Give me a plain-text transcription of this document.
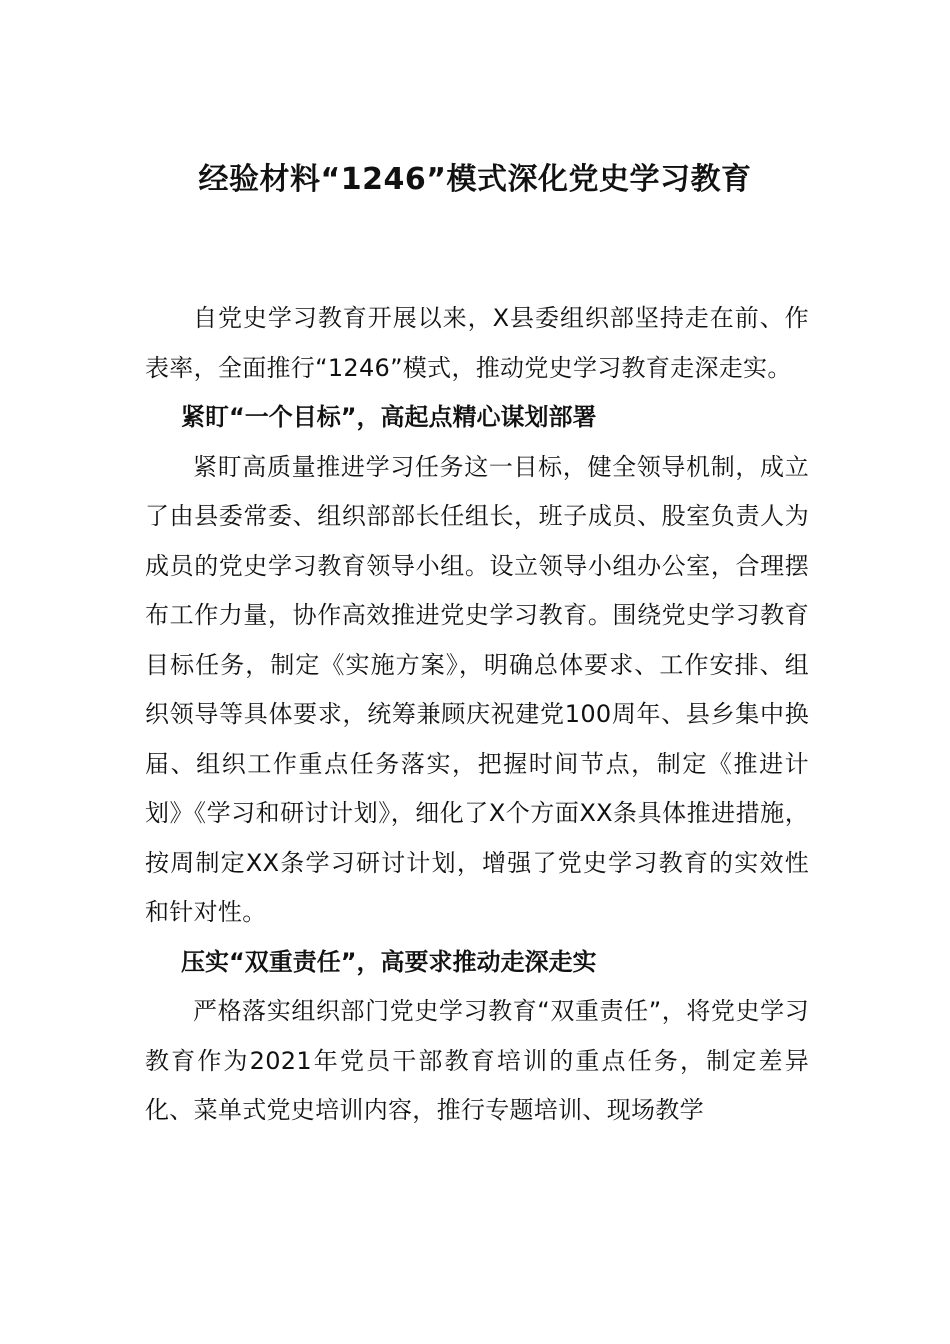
经验材料“1246”模式深化党史学习教育

自党史学习教育开展以来，X县委组织部坚持走在前、作表率，全面推行“1246”模式，推动党史学习教育走深走实。

紧盯“一个目标”，高起点精心谋划部署

紧盯高质量推进学习任务这一目标，健全领导机制，成立了由县委常委、组织部部长任组长，班子成员、股室负责人为成员的党史学习教育领导小组。设立领导小组办公室，合理摆布工作力量，协作高效推进党史学习教育。围绕党史学习教育目标任务，制定《实施方案》，明确总体要求、工作安排、组织领导等具体要求，统筹兼顾庆祝建党100周年、县乡集中换届、组织工作重点任务落实，把握时间节点，制定《推进计划》《学习和研讨计划》，细化了X个方面XX条具体推进措施，按周制定XX条学习研讨计划，增强了党史学习教育的实效性和针对性。

压实“双重责任”，高要求推动走深走实

严格落实组织部门党史学习教育“双重责任”，将党史学习教育作为2021年党员干部教育培训的重点任务，制定差异化、菜单式党史培训内容，推行专题培训、现场教学
